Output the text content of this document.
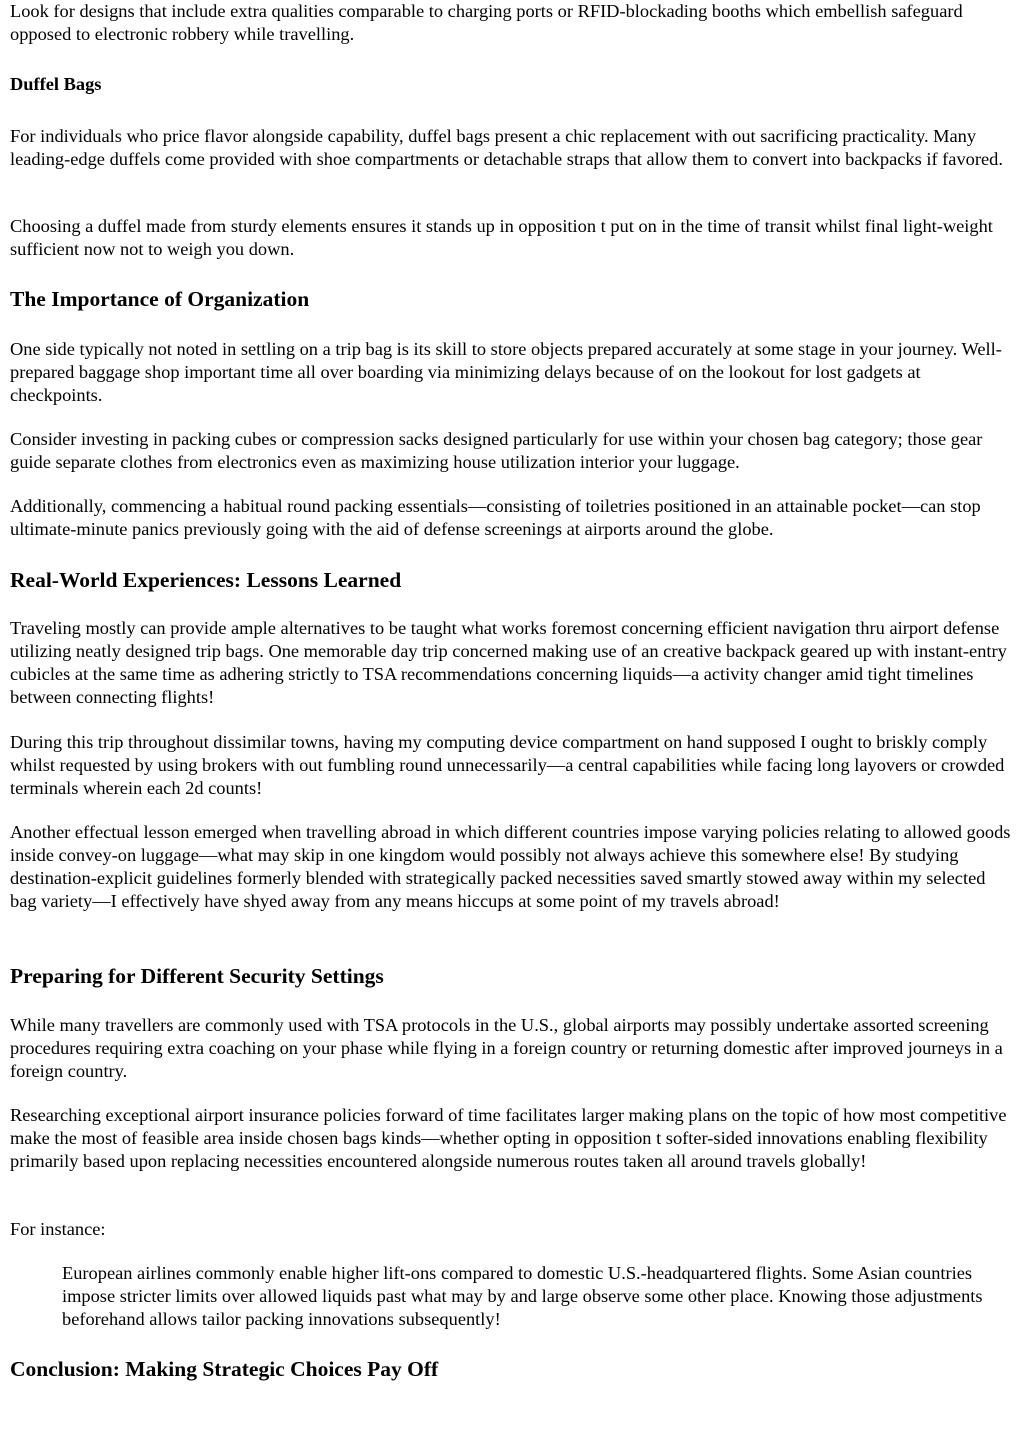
Look for designs that include extra qualities comparable to charging ports or RFID-blockading booths which embellish safeguard opposed to electronic robbery while travelling.

Duffel Bags

For individuals who price flavor alongside capability, duffel bags present a chic replacement with out sacrificing practicality. Many leading-edge duffels come provided with shoe compartments or detachable straps that allow them to convert into backpacks if favored.

Choosing a duffel made from sturdy elements ensures it stands up in opposition t put on in the time of transit whilst final light-weight sufficient now not to weigh you down.

The Importance of Organization

One side typically not noted in settling on a trip bag is its skill to store objects prepared accurately at some stage in your journey. Well-prepared baggage shop important time all over boarding via minimizing delays because of on the lookout for lost gadgets at checkpoints.

Consider investing in packing cubes or compression sacks designed particularly for use within your chosen bag category; those gear guide separate clothes from electronics even as maximizing house utilization interior your luggage.

Additionally, commencing a habitual round packing essentials—consisting of toiletries positioned in an attainable pocket—can stop ultimate-minute panics previously going with the aid of defense screenings at airports around the globe.

Real-World Experiences: Lessons Learned

Traveling mostly can provide ample alternatives to be taught what works foremost concerning efficient navigation thru airport defense utilizing neatly designed trip bags. One memorable day trip concerned making use of an creative backpack geared up with instant-entry cubicles at the same time as adhering strictly to TSA recommendations concerning liquids—a activity changer amid tight timelines between connecting flights!

During this trip throughout dissimilar towns, having my computing device compartment on hand supposed I ought to briskly comply whilst requested by using brokers with out fumbling round unnecessarily—a central capabilities while facing long layovers or crowded terminals wherein each 2d counts!

Another effectual lesson emerged when travelling abroad in which different countries impose varying policies relating to allowed goods inside convey-on luggage—what may skip in one kingdom would possibly not always achieve this somewhere else! By studying destination-explicit guidelines formerly blended with strategically packed necessities saved smartly stowed away within my selected bag variety—I effectively have shyed away from any means hiccups at some point of my travels abroad!

Preparing for Different Security Settings

While many travellers are commonly used with TSA protocols in the U.S., global airports may possibly undertake assorted screening procedures requiring extra coaching on your phase while flying in a foreign country or returning domestic after improved journeys in a foreign country.

Researching exceptional airport insurance policies forward of time facilitates larger making plans on the topic of how most competitive make the most of feasible area inside chosen bags kinds—whether opting in opposition t softer-sided innovations enabling flexibility primarily based upon replacing necessities encountered alongside numerous routes taken all around travels globally!

For instance:

European airlines commonly enable higher lift-ons compared to domestic U.S.-headquartered flights. Some Asian countries impose stricter limits over allowed liquids past what may by and large observe some other place. Knowing those adjustments beforehand allows tailor packing innovations subsequently!

Conclusion: Making Strategic Choices Pay Off
